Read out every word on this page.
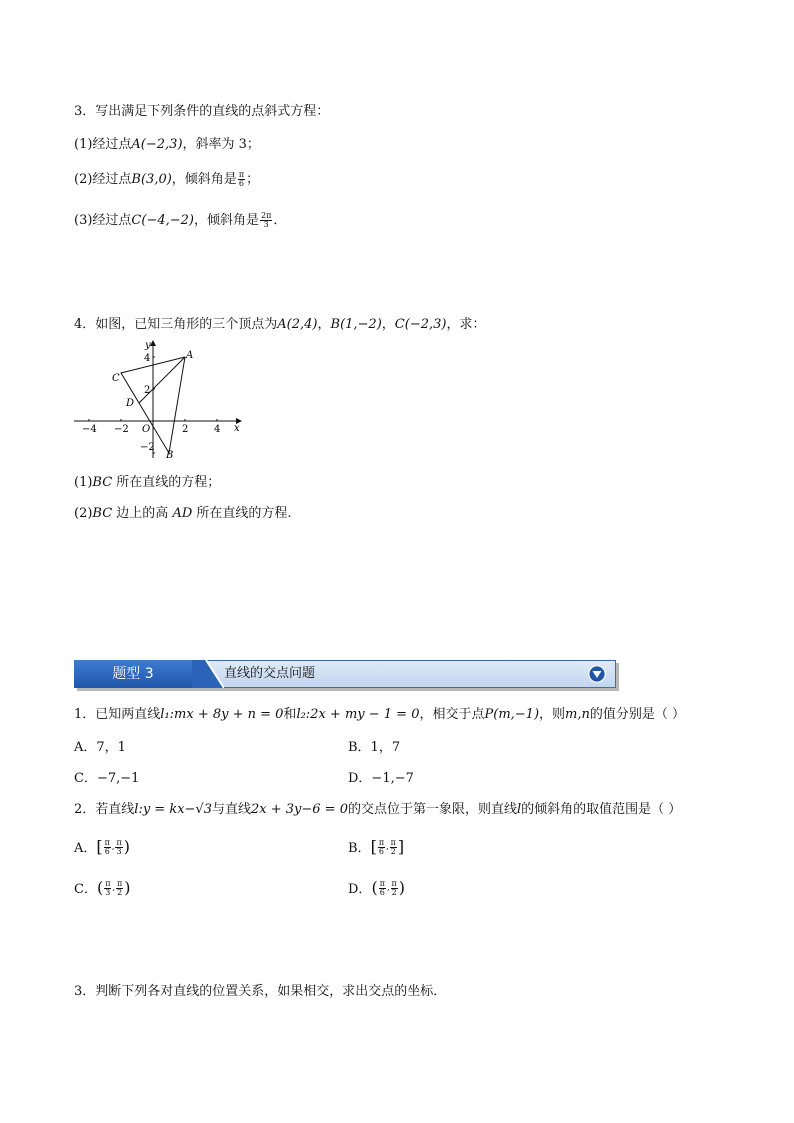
3．写出满足下列条件的直线的点斜式方程：
(1)经过点A(−2,3)，斜率为 3；
(2)经过点B(3,0)，倾斜角是 $\frac{\pi}{6}$ ；
(3)经过点C(−4,−2)，倾斜角是 $\frac{2\pi}{3}$ ．
4．如图，已知三角形的三个顶点为A(2,4)，B(1,−2)，C(−2,3)，求：
−4 −2	2	4
4
2
−2
y
x
O
A
B
C
D
(1)BC 所在直线的方程；
(2)BC 边上的高 AD 所在直线的方程.
题型 3	直线的交点问题
1．已知两直线l₁:mx + 8y + n = 0和l₂:2x + my − 1 = 0，相交于点P(m,−1)，则m,n的值分别是（ ）
A．7，1	B．1，7
C．−7,−1	D．−1,−7
2．若直线l:y = kx−√3与直线2x + 3y−6 = 0的交点位于第一象限，则直线l的倾斜角的取值范围是（ ）
A． [ $\frac{\pi}{6}$ , $\frac{\pi}{3}$ )	B． [ $\frac{\pi}{6}$ , $\frac{\pi}{2}$ ]
C． ( $\frac{\pi}{3}$ , $\frac{\pi}{2}$ )	D． ( $\frac{\pi}{6}$ , $\frac{\pi}{2}$ )
3．判断下列各对直线的位置关系，如果相交，求出交点的坐标．
